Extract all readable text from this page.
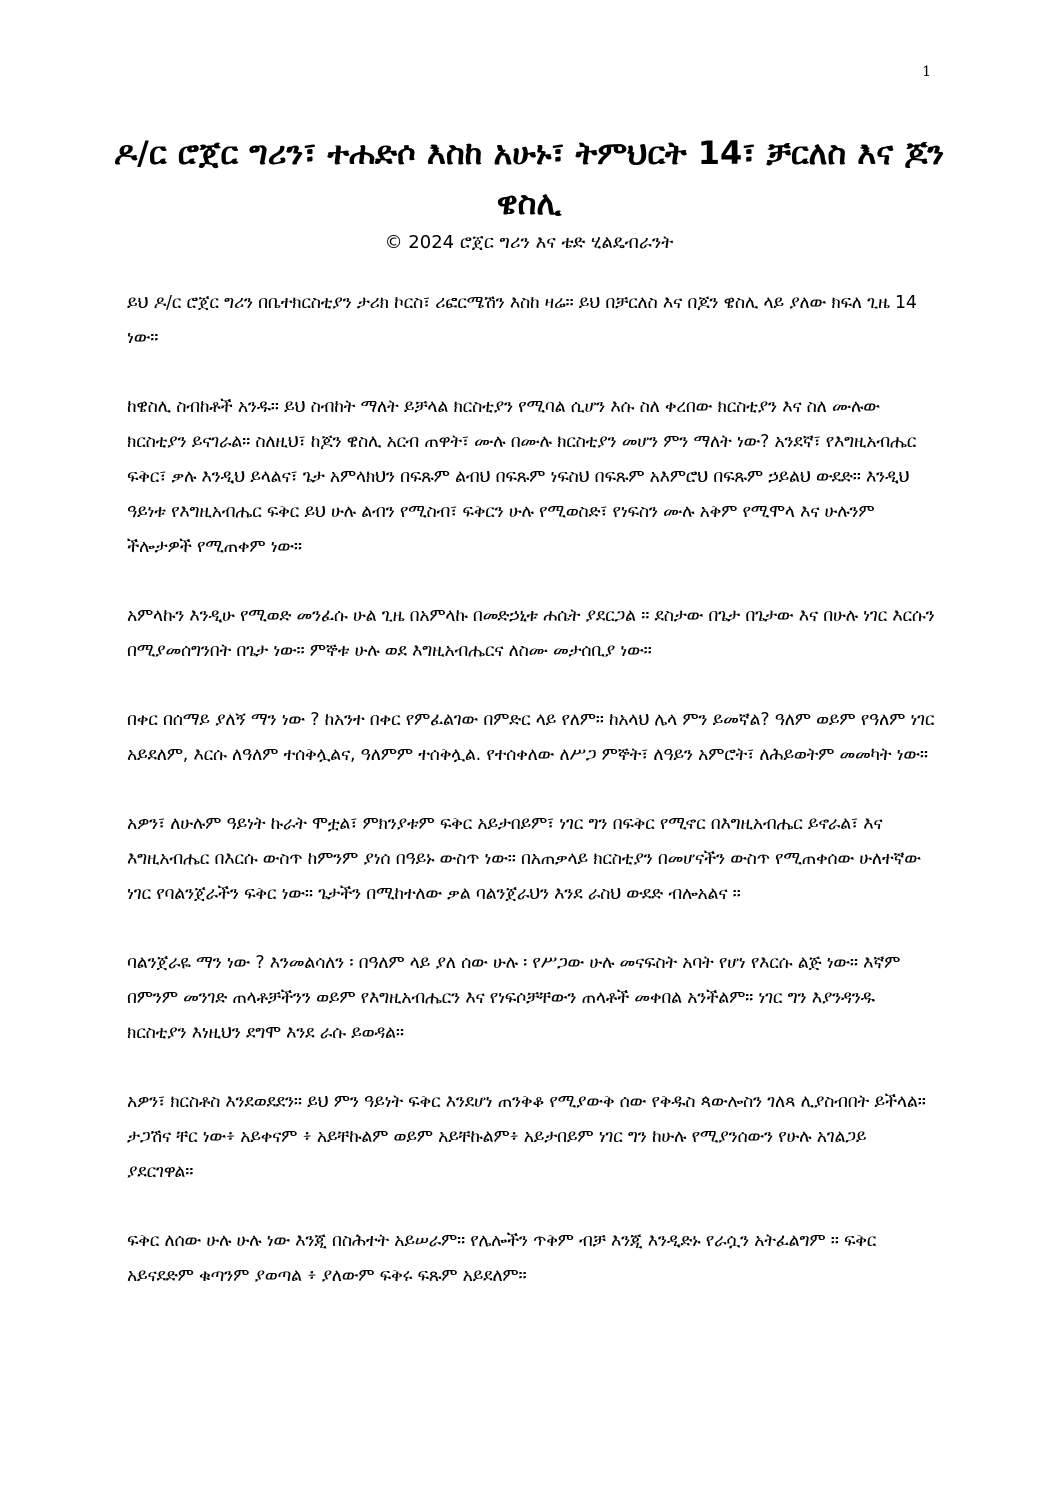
1
ዶ/ር ሮጀር ግሪን፣ ተሐድሶ እስከ አሁኑ፣ ትምህርት 14፣ ቻርለስ እና ጆን ዌስሊ
© 2024 ሮጀር ግሪን እና ቴድ ሂልዴብራንት

ይህ ዶ/ር ሮጀር ግሪን በቤተክርስቲያን ታሪክ ኮርስ፣ ሪፎርሜሽን እስከ ዛሬ። ይህ በቻርለስ እና በጆን ዌስሊ ላይ ያለው ክፍለ ጊዜ 14 ነው።

ከዌስሊ ስብከቶች አንዱ። ይህ ስብከት ማለት ይቻላል ክርስቲያን የሚባል ሲሆን እሱ ስለ ቀረበው ክርስቲያን እና ስለ ሙሉው ክርስቲያን ይናገራል። ስለዚህ፣ ከጆን ዌስሊ አርብ ጠዋት፣ ሙሉ በሙሉ ክርስቲያን መሆን ምን ማለት ነው? አንደኛ፣ የእግዚአብሔር ፍቅር፣ ቃሉ እንዲህ ይላልና፣ ጌታ አምላክህን በፍጹም ልብህ በፍጹም ነፍስህ በፍጹም አእምሮህ በፍጹም ኃይልህ ውደድ። እንዲህ ዓይነቱ የእግዚአብሔር ፍቅር ይህ ሁሉ ልብን የሚስብ፣ ፍቅርን ሁሉ የሚወስድ፣ የነፍስን ሙሉ አቅም የሚሞላ እና ሁሉንም ችሎታዎች የሚጠቀም ነው።

አምላኩን እንዲሁ የሚወድ መንፈሱ ሁል ጊዜ በአምላኩ በመድኃኒቱ ሐሴት ያደርጋል ። ደስታው በጌታ በጌታው እና በሁሉ ነገር እርሱን በሚያመሰግንበት በጌታ ነው። ምኞቱ ሁሉ ወደ እግዚአብሔርና ለስሙ መታሰቢያ ነው።

በቀር በሰማይ ያለኝ ማን ነው ? ከአንተ በቀር የምፈልገው በምድር ላይ የለም። ከአላህ ሌላ ምን ይመኛል? ዓለም ወይም የዓለም ነገር አይደለም, እርሱ ለዓለም ተሰቅሏልና, ዓለምም ተሰቅሏል. የተሰቀለው ለሥጋ ምኞት፣ ለዓይን አምሮት፣ ለሕይወትም መመካት ነው።

አዎን፣ ለሁሉም ዓይነት ኩራት ሞቷል፣ ምክንያቱም ፍቅር አይታበይም፣ ነገር ግን በፍቅር የሚኖር በእግዚአብሔር ይኖራል፣ እና እግዚአብሔር በእርሱ ውስጥ ከምንም ያነሰ በዓይኑ ውስጥ ነው። በአጠቃላይ ክርስቲያን በመሆናችን ውስጥ የሚጠቀሰው ሁለተኛው ነገር የባልንጀራችን ፍቅር ነው። ጌታችን በሚከተለው ቃል ባልንጀራህን እንደ ራስህ ውደድ ብሎአልና ።

ባልንጀራዬ ማን ነው ? እንመልሳለን ፡ በዓለም ላይ ያለ ሰው ሁሉ ፡ የሥጋው ሁሉ መናፍስት አባት የሆነ የእርሱ ልጅ ነው። እኛም በምንም መንገድ ጠላቶቻችንን ወይም የእግዚአብሔርን እና የነፍሶቻቸውን ጠላቶች መቀበል አንችልም። ነገር ግን እያንዳንዱ ክርስቲያን እነዚህን ደግሞ እንደ ራሱ ይወዳል።

አዎን፣ ክርስቶስ እንደወደደን። ይህ ምን ዓይነት ፍቅር እንደሆነ ጠንቅቆ የሚያውቅ ሰው የቅዱስ ጳውሎስን ገለጻ ሊያስብበት ይችላል። ታጋሽና ቸር ነው፥ አይቀናም ፥ አይቸኩልም ወይም አይቸኩልም፥ አይታበይም ነገር ግን ከሁሉ የሚያንሰውን የሁሉ አገልጋይ ያደርገዋል።

ፍቅር ለሰው ሁሉ ሁሉ ነው እንጂ በስሕተት አይሠራም። የሌሎችን ጥቅም ብቻ እንጂ እንዲድኑ የራሷን አትፈልግም ። ፍቅር አይናደድም ቁጣንም ያወጣል ፥ ያለውም ፍቅሩ ፍጹም አይደለም።
